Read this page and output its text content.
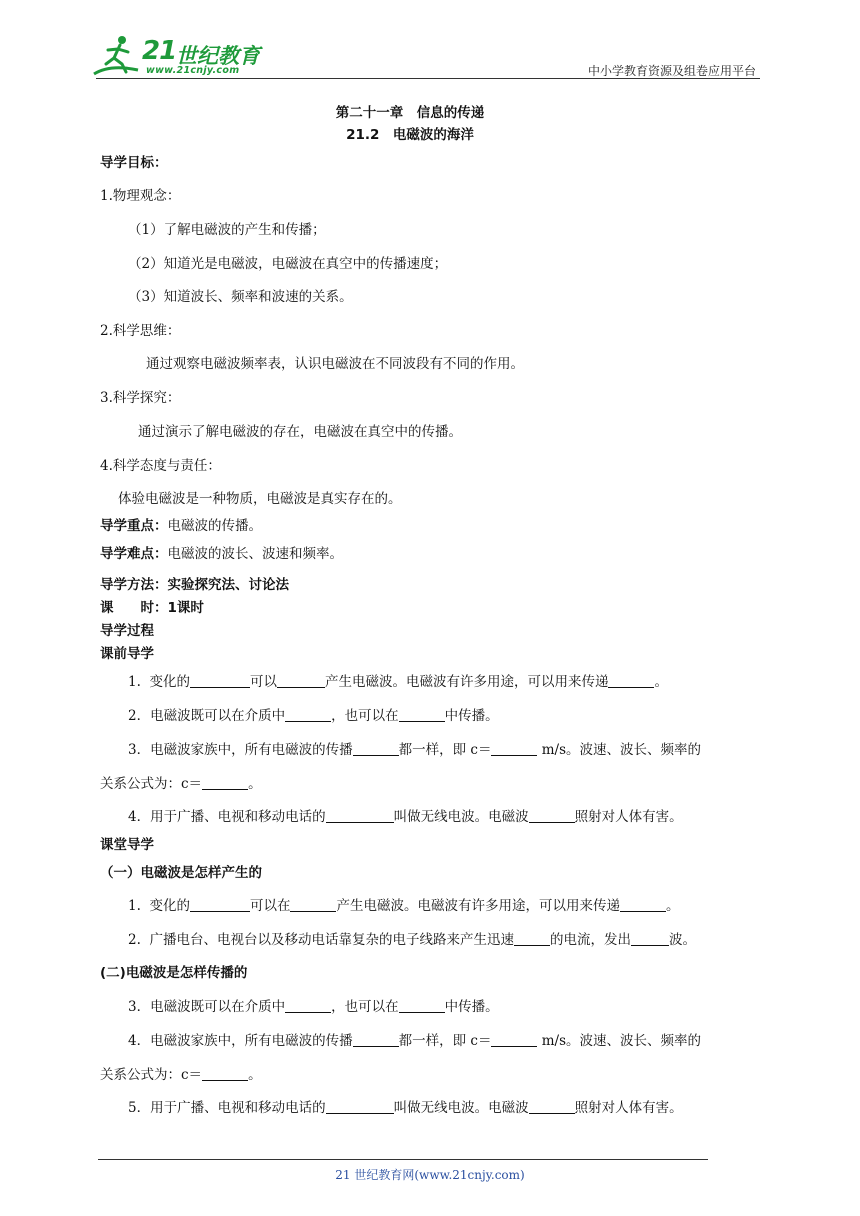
21 世纪教育
www.21cnjy.com	中小学教育资源及组卷应用平台
第二十一章　信息的传递
21.2　电磁波的海洋
导学目标：
1.物理观念：
（1）了解电磁波的产生和传播；
（2）知道光是电磁波，电磁波在真空中的传播速度；
（3）知道波长、频率和波速的关系。
2.科学思维：
通过观察电磁波频率表，认识电磁波在不同波段有不同的作用。
3.科学探究：
通过演示了解电磁波的存在，电磁波在真空中的传播。
4.科学态度与责任：
体验电磁波是一种物质，电磁波是真实存在的。
导学重点：电磁波的传播。
导学难点：电磁波的波长、波速和频率。
导学方法：实验探究法、讨论法
课　　时：1课时
导学过程
课前导学
1. 变化的	可以	产生电磁波。电磁波有许多用途，可以用来传递	。
2．电磁波既可以在介质中	，也可以在	中传播。
3．电磁波家族中，所有电磁波的传播	都一样，即 c＝	m/s。波速、波长、频率的
关系公式为：c＝	。
4．用于广播、电视和移动电话的	叫做无线电波。电磁波	照射对人体有害。
课堂导学
（一）电磁波是怎样产生的
1. 变化的	可以在	产生电磁波。电磁波有许多用途，可以用来传递	。
2. 广播电台、电视台以及移动电话靠复杂的电子线路来产生迅速	的电流，发出	波。
(二)电磁波是怎样传播的
3．电磁波既可以在介质中	，也可以在	中传播。
4．电磁波家族中，所有电磁波的传播	都一样，即 c＝	m/s。波速、波长、频率的
关系公式为：c＝	。
5．用于广播、电视和移动电话的	叫做无线电波。电磁波	照射对人体有害。
21 世纪教育网(www.21cnjy.com)
